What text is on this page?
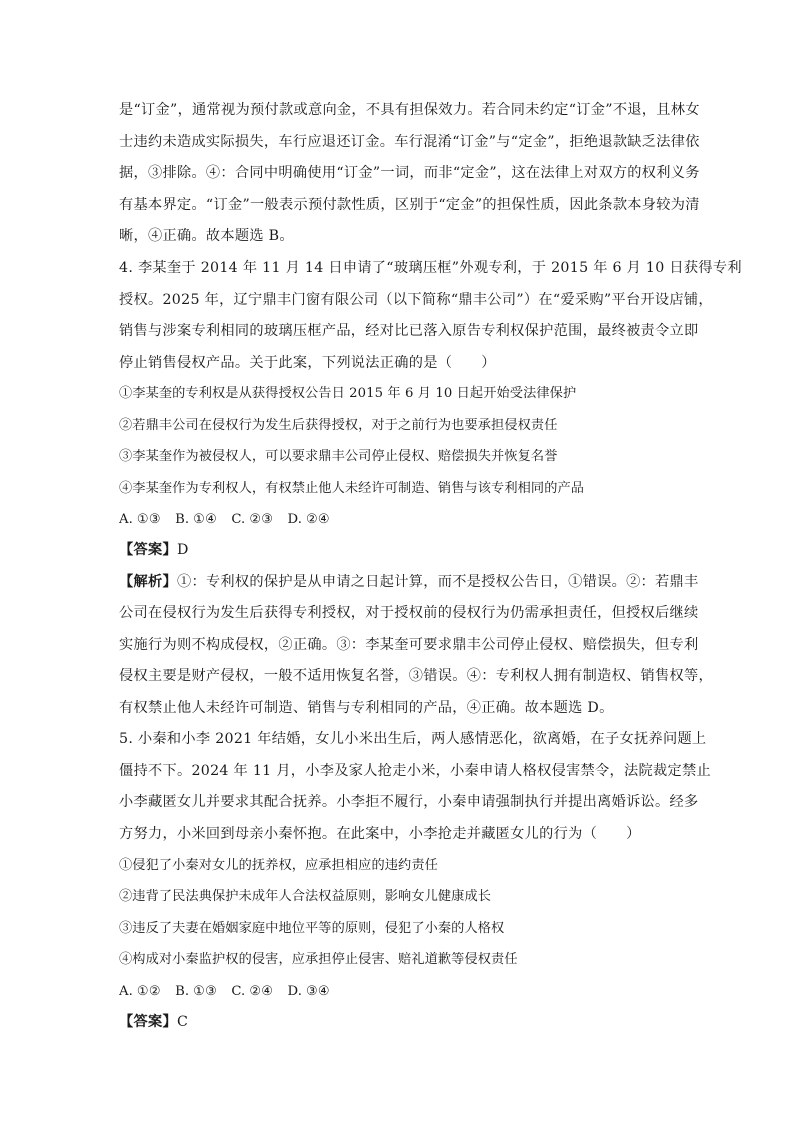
是“订金”，通常视为预付款或意向金，不具有担保效力。若合同未约定“订金”不退，且林女
士违约未造成实际损失，车行应退还订金。车行混淆“订金”与“定金”，拒绝退款缺乏法律依
据，③排除。④：合同中明确使用“订金”一词，而非“定金”，这在法律上对双方的权利义务
有基本界定。“订金”一般表示预付款性质，区别于“定金”的担保性质，因此条款本身较为清
晰，④正确。故本题选 B。
4. 李某奎于 2014 年 11 月 14 日申请了“玻璃压框”外观专利，于 2015 年 6 月 10 日获得专利
授权。2025 年，辽宁鼎丰门窗有限公司（以下简称“鼎丰公司”）在“爱采购”平台开设店铺，
销售与涉案专利相同的玻璃压框产品，经对比已落入原告专利权保护范围，最终被责令立即
停止销售侵权产品。关于此案，下列说法正确的是（　　）
①李某奎的专利权是从获得授权公告日 2015 年 6 月 10 日起开始受法律保护
②若鼎丰公司在侵权行为发生后获得授权，对于之前行为也要承担侵权责任
③李某奎作为被侵权人，可以要求鼎丰公司停止侵权、赔偿损失并恢复名誉
④李某奎作为专利权人，有权禁止他人未经许可制造、销售与该专利相同的产品
A. ①③ B. ①④ C. ②③ D. ②④
【答案】D
【解析】①：专利权的保护是从申请之日起计算，而不是授权公告日，①错误。②：若鼎丰
公司在侵权行为发生后获得专利授权，对于授权前的侵权行为仍需承担责任，但授权后继续
实施行为则不构成侵权，②正确。③：李某奎可要求鼎丰公司停止侵权、赔偿损失，但专利
侵权主要是财产侵权，一般不适用恢复名誉，③错误。④：专利权人拥有制造权、销售权等，
有权禁止他人未经许可制造、销售与专利相同的产品，④正确。故本题选 D。
5. 小秦和小李 2021 年结婚，女儿小米出生后，两人感情恶化，欲离婚，在子女抚养问题上
僵持不下。2024 年 11 月，小李及家人抢走小米，小秦申请人格权侵害禁令，法院裁定禁止
小李藏匿女儿并要求其配合抚养。小李拒不履行，小秦申请强制执行并提出离婚诉讼。经多
方努力，小米回到母亲小秦怀抱。在此案中，小李抢走并藏匿女儿的行为（　　）
①侵犯了小秦对女儿的抚养权，应承担相应的违约责任
②违背了民法典保护未成年人合法权益原则，影响女儿健康成长
③违反了夫妻在婚姻家庭中地位平等的原则，侵犯了小秦的人格权
④构成对小秦监护权的侵害，应承担停止侵害、赔礼道歉等侵权责任
A. ①② B. ①③ C. ②④ D. ③④
【答案】C
